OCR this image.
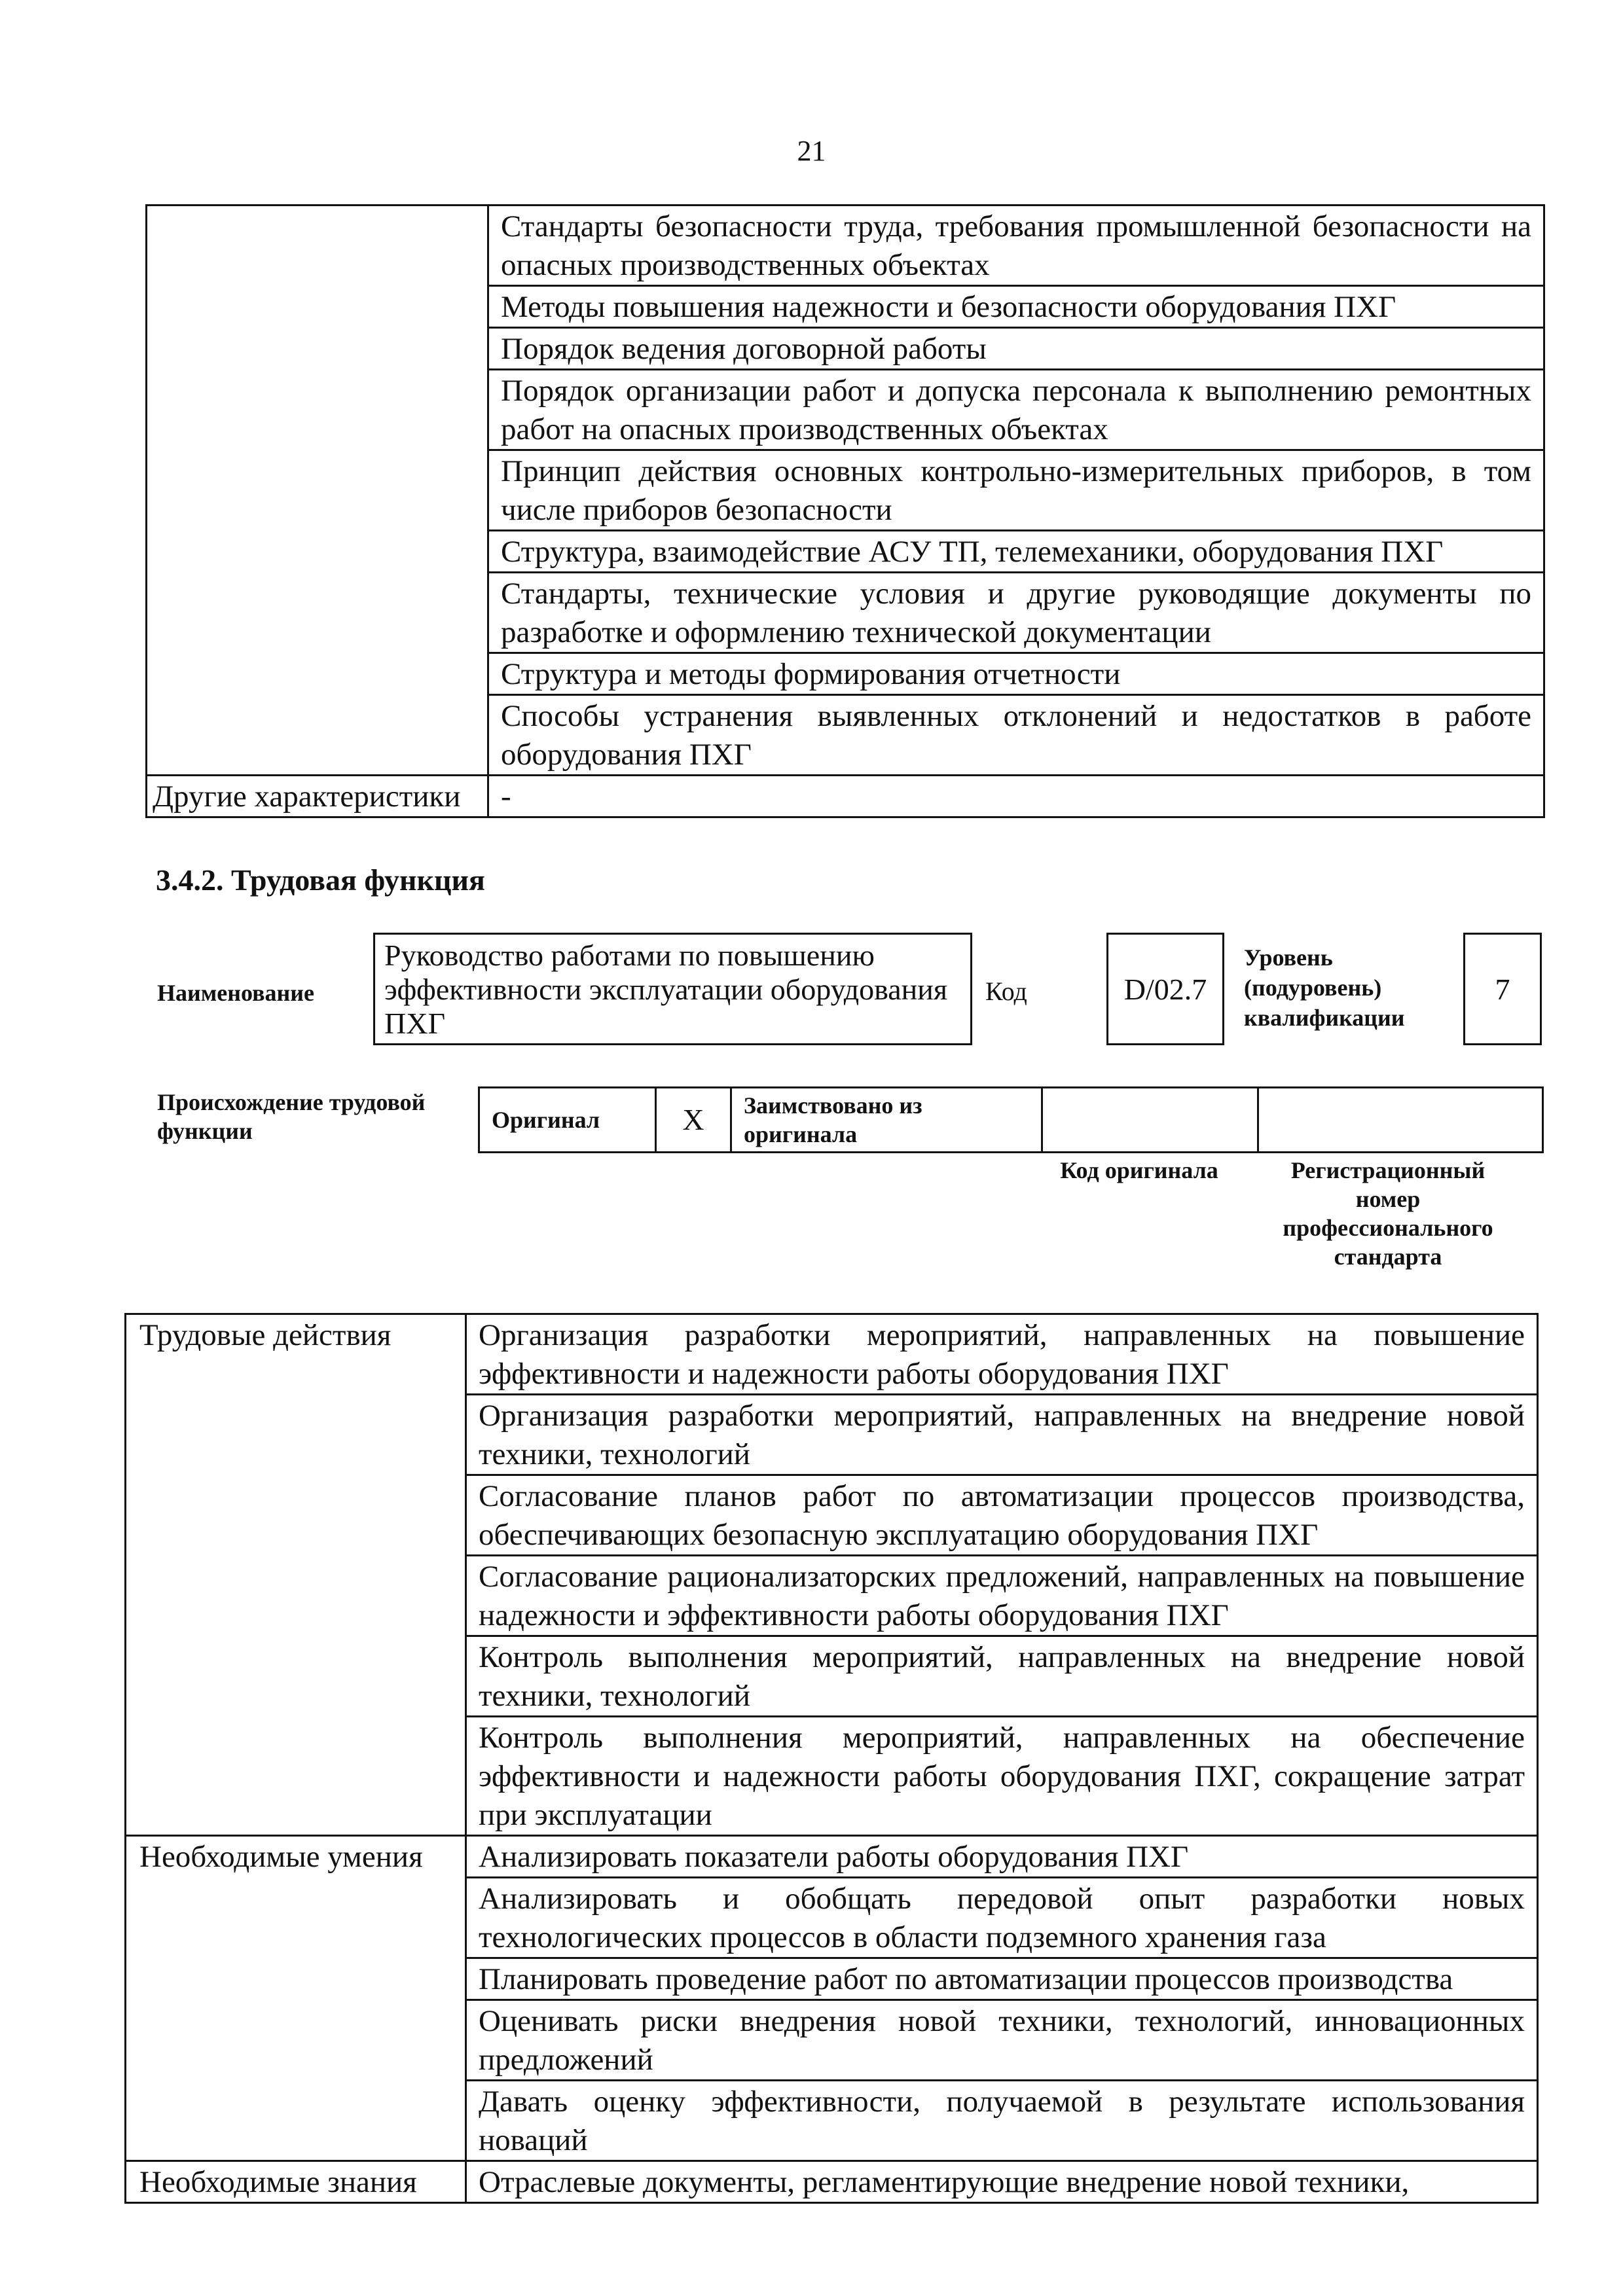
21
	Стандарты безопасности труда, требования промышленной безопасности на опасных производственных объектах
	Методы повышения надежности и безопасности оборудования ПХГ
	Порядок ведения договорной работы
	Порядок организации работ и допуска персонала к выполнению ремонтных работ на опасных производственных объектах
	Принцип действия основных контрольно-измерительных приборов, в том числе приборов безопасности
	Структура, взаимодействие АСУ ТП, телемеханики, оборудования ПХГ
	Стандарты, технические условия и другие руководящие документы по разработке и оформлению технической документации
	Структура и методы формирования отчетности
	Способы устранения выявленных отклонений и недостатков в работе оборудования ПХГ
Другие характеристики	-
3.4.2. Трудовая функция
Наименование
Руководство работами по повышению эффективности эксплуатации оборудования ПХГ
Код	D/02.7
Уровень (подуровень) квалификации
7
Происхождение трудовой функции	Оригинал	Х	Заимствовано из оригинала		
Код оригинала	Регистрационный номер профессионального стандарта
Трудовые действия	Организация разработки мероприятий, направленных на повышение эффективности и надежности работы оборудования ПХГ
	Организация разработки мероприятий, направленных на внедрение новой техники, технологий
	Согласование планов работ по автоматизации процессов производства, обеспечивающих безопасную эксплуатацию оборудования ПХГ
	Согласование рационализаторских предложений, направленных на повышение надежности и эффективности работы оборудования ПХГ
	Контроль выполнения мероприятий, направленных на внедрение новой техники, технологий
	Контроль выполнения мероприятий, направленных на обеспечение эффективности и надежности работы оборудования ПХГ, сокращение затрат при эксплуатации
Необходимые умения	Анализировать показатели работы оборудования ПХГ
	Анализировать и обобщать передовой опыт разработки новых технологических процессов в области подземного хранения газа
	Планировать проведение работ по автоматизации процессов производства
	Оценивать риски внедрения новой техники, технологий, инновационных предложений
	Давать оценку эффективности, получаемой в результате использования новаций
Необходимые знания	Отраслевые документы, регламентирующие внедрение новой техники,
